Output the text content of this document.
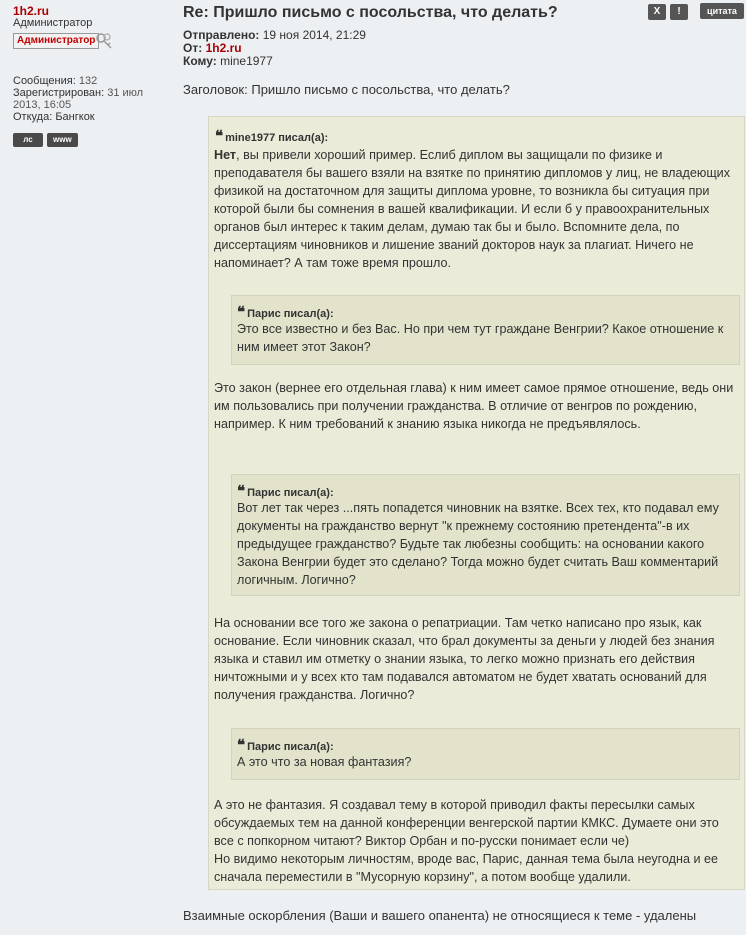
1h2.ru
Администратор
Администратор
Сообщения: 132
Зарегистрирован: 31 июл
2013, 16:05
Откуда: Бангкок
лс	www
Re: Пришло письмо с посольства, что делать?	X !	цитата
Отправлено: 19 ноя 2014, 21:29
От: 1h2.ru
Кому: mine1977
Заголовок: Пришло письмо с посольства, что делать?
❝ mine1977 писал(а):
Нет, вы привели хороший пример. Еслиб диплом вы защищали по физике и преподавателя бы вашего взяли на взятке по принятию дипломов у лиц, не владеющих физикой на достаточном для защиты диплома уровне, то возникла бы ситуация при которой были бы сомнения в вашей квалификации. И если б у правоохранительных органов был интерес к таким делам, думаю так бы и было. Вспомните дела, по диссертациям чиновников и лишение званий докторов наук за плагиат. Ничего не напоминает? А там тоже время прошло.
❝ Парис писал(а):
Это все известно и без Вас. Но при чем тут граждане Венгрии? Какое отношение к ним имеет этот Закон?
Это закон (вернее его отдельная глава) к ним имеет самое прямое отношение, ведь они им пользовались при получении гражданства. В отличие от венгров по рождению, например. К ним требований к знанию языка никогда не предъявлялось.
❝ Парис писал(а):
Вот лет так через ...пять попадется чиновник на взятке. Всех тех, кто подавал ему документы на гражданство вернут "к прежнему состоянию претендента"-в их предыдущее гражданство? Будьте так любезны сообщить: на основании какого Закона Венгрии будет это сделано? Тогда можно будет считать Ваш комментарий логичным. Логично?
На основании все того же закона о репатриации. Там четко написано про язык, как основание. Если чиновник сказал, что брал документы за деньги у людей без знания языка и ставил им отметку о знании языка, то легко можно признать его действия ничтожными и у всех кто там подавался автоматом не будет хватать оснований для получения гражданства. Логично?
❝ Парис писал(а):
А это что за новая фантазия?
А это не фантазия. Я создавал тему в которой приводил факты пересылки самых обсуждаемых тем на данной конференции венгерской партии КМКС. Думаете они это все с попкорном читают? Виктор Орбан и по-русски понимает если че)
Но видимо некоторым личностям, вроде вас, Парис, данная тема была неугодна и ее сначала переместили в "Мусорную корзину", а потом вообще удалили.
Взаимные оскорбления (Ваши и вашего опанента) не относящиеся к теме - удалены
